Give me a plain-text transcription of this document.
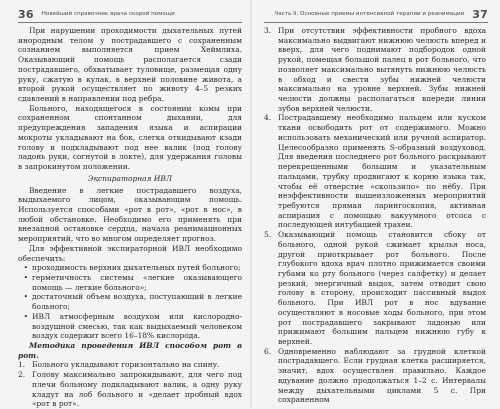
36 Новейший справочник врача скорой помощи

При нарушении проходимости дыхательных путей инородным телом у пострадавшего с сохраненным сознанием выполняется прием Хеймлиха. Оказывающий помощь располагается сзади пострадавшего, обхватывает туловище, размещая одну руку, сжатую в кулак, в верхней половине живота, а второй рукой осуществляет по животу 4–5 резких сдавлений в направлении под ребра.

Больного, находящегося в состоянии комы при сохраненном спонтанном дыхании, для предупреждения западения языка и аспирации мокроты укладывают на бок, слегка откидывают кзади голову и подкладывают под нее валик (под голову ладонь руки, согнутой в локте), для удержания головы в запрокинутом положении.

Экспираторная ИВЛ

Введение в легкие пострадавшего воздуха, выдыхаемого лицом, оказывающим помощь. Используется способами «рот в рот», «рот в нос», в любой обстановке. Необходимо его применять при внезапной остановке сердца, начала реанимационных мероприятий, что во многом определяет прогноз.

Для эффективной экспираторной ИВЛ необходимо обеспечить:

• проходимость верхних дыхательных путей больного;
• герметичность системы «легкие оказывающего помощь — легкие больного»;
• достаточный объем воздуха, поступающий в легкие больного;
• ИВЛ атмосферным воздухом или кислородно-воздушной смесью, так как выдыхаемый человеком воздух содержит всего 16–18% кислорода.

Методика проведения ИВЛ способом рот в рот.

1. Больного укладывают горизонтально на спину.
2. Голову максимально запрокидывают, для чего под плечи больному подкладывают валик, а одну руку кладут на лоб больного и «делает пробный вдох «рот в рот».
Часть II. Основные приемы интенсивной терапии и реанимации 37
3. При отсутствии эффективности пробного вдоха максимально выдвигают нижнюю челюсть вперед и вверх, для чего поднимают подбородок одной рукой, помещая большой палец в рот больного, что позволяет максимально вытянуть нижнюю челюсть в обход и свести зубы нижней челюсти максимально на уровне верхней. Зубы нижней челюсти должны располагаться впереди линии зубов верхней челюсти.
4. Пострадавшему необходимо пальцем или куском ткани освободить рот от содержимого. Можно использовать механический или ручной аспиратор. Целесообразно применять S-образный воздуховод. Для введения последнего рот больного раскрывают перекрещенными большим и указательным пальцами, трубку продвигают к корню языка так, чтобы её отверстие «скользило» по нёбу. При неэффективности вышеизложенных мероприятий требуются прямая ларингоскопия, активная аспирация с помощью вакуумного отсоса с последующей интубацией трахеи.
5. Оказывающий помощь становится сбоку от больного, одной рукой сжимает крылья носа, другой приоткрывает рот больного. После глубокого вдоха врач плотно прижимается своими губами ко рту больного (через салфетку) и делает резкий, энергичный выдох, затем отводит свою голову в сторону, происходит пассивный выдох больного. При ИВЛ рот в нос вдувание осуществляют в носовые ходы больного, при этом рот пострадавшего закрывают ладонью или прижимают большим пальцем нижнюю губу к верхней.
6. Одновременно наблюдают за грудной клеткой пострадавшего. Если грудная клетка расширяется, значит, вдох осуществлен правильно. Каждое вдувание должно продолжаться 1–2 с. Интервалы между дыхательными циклами 5 с. При сохраненном
